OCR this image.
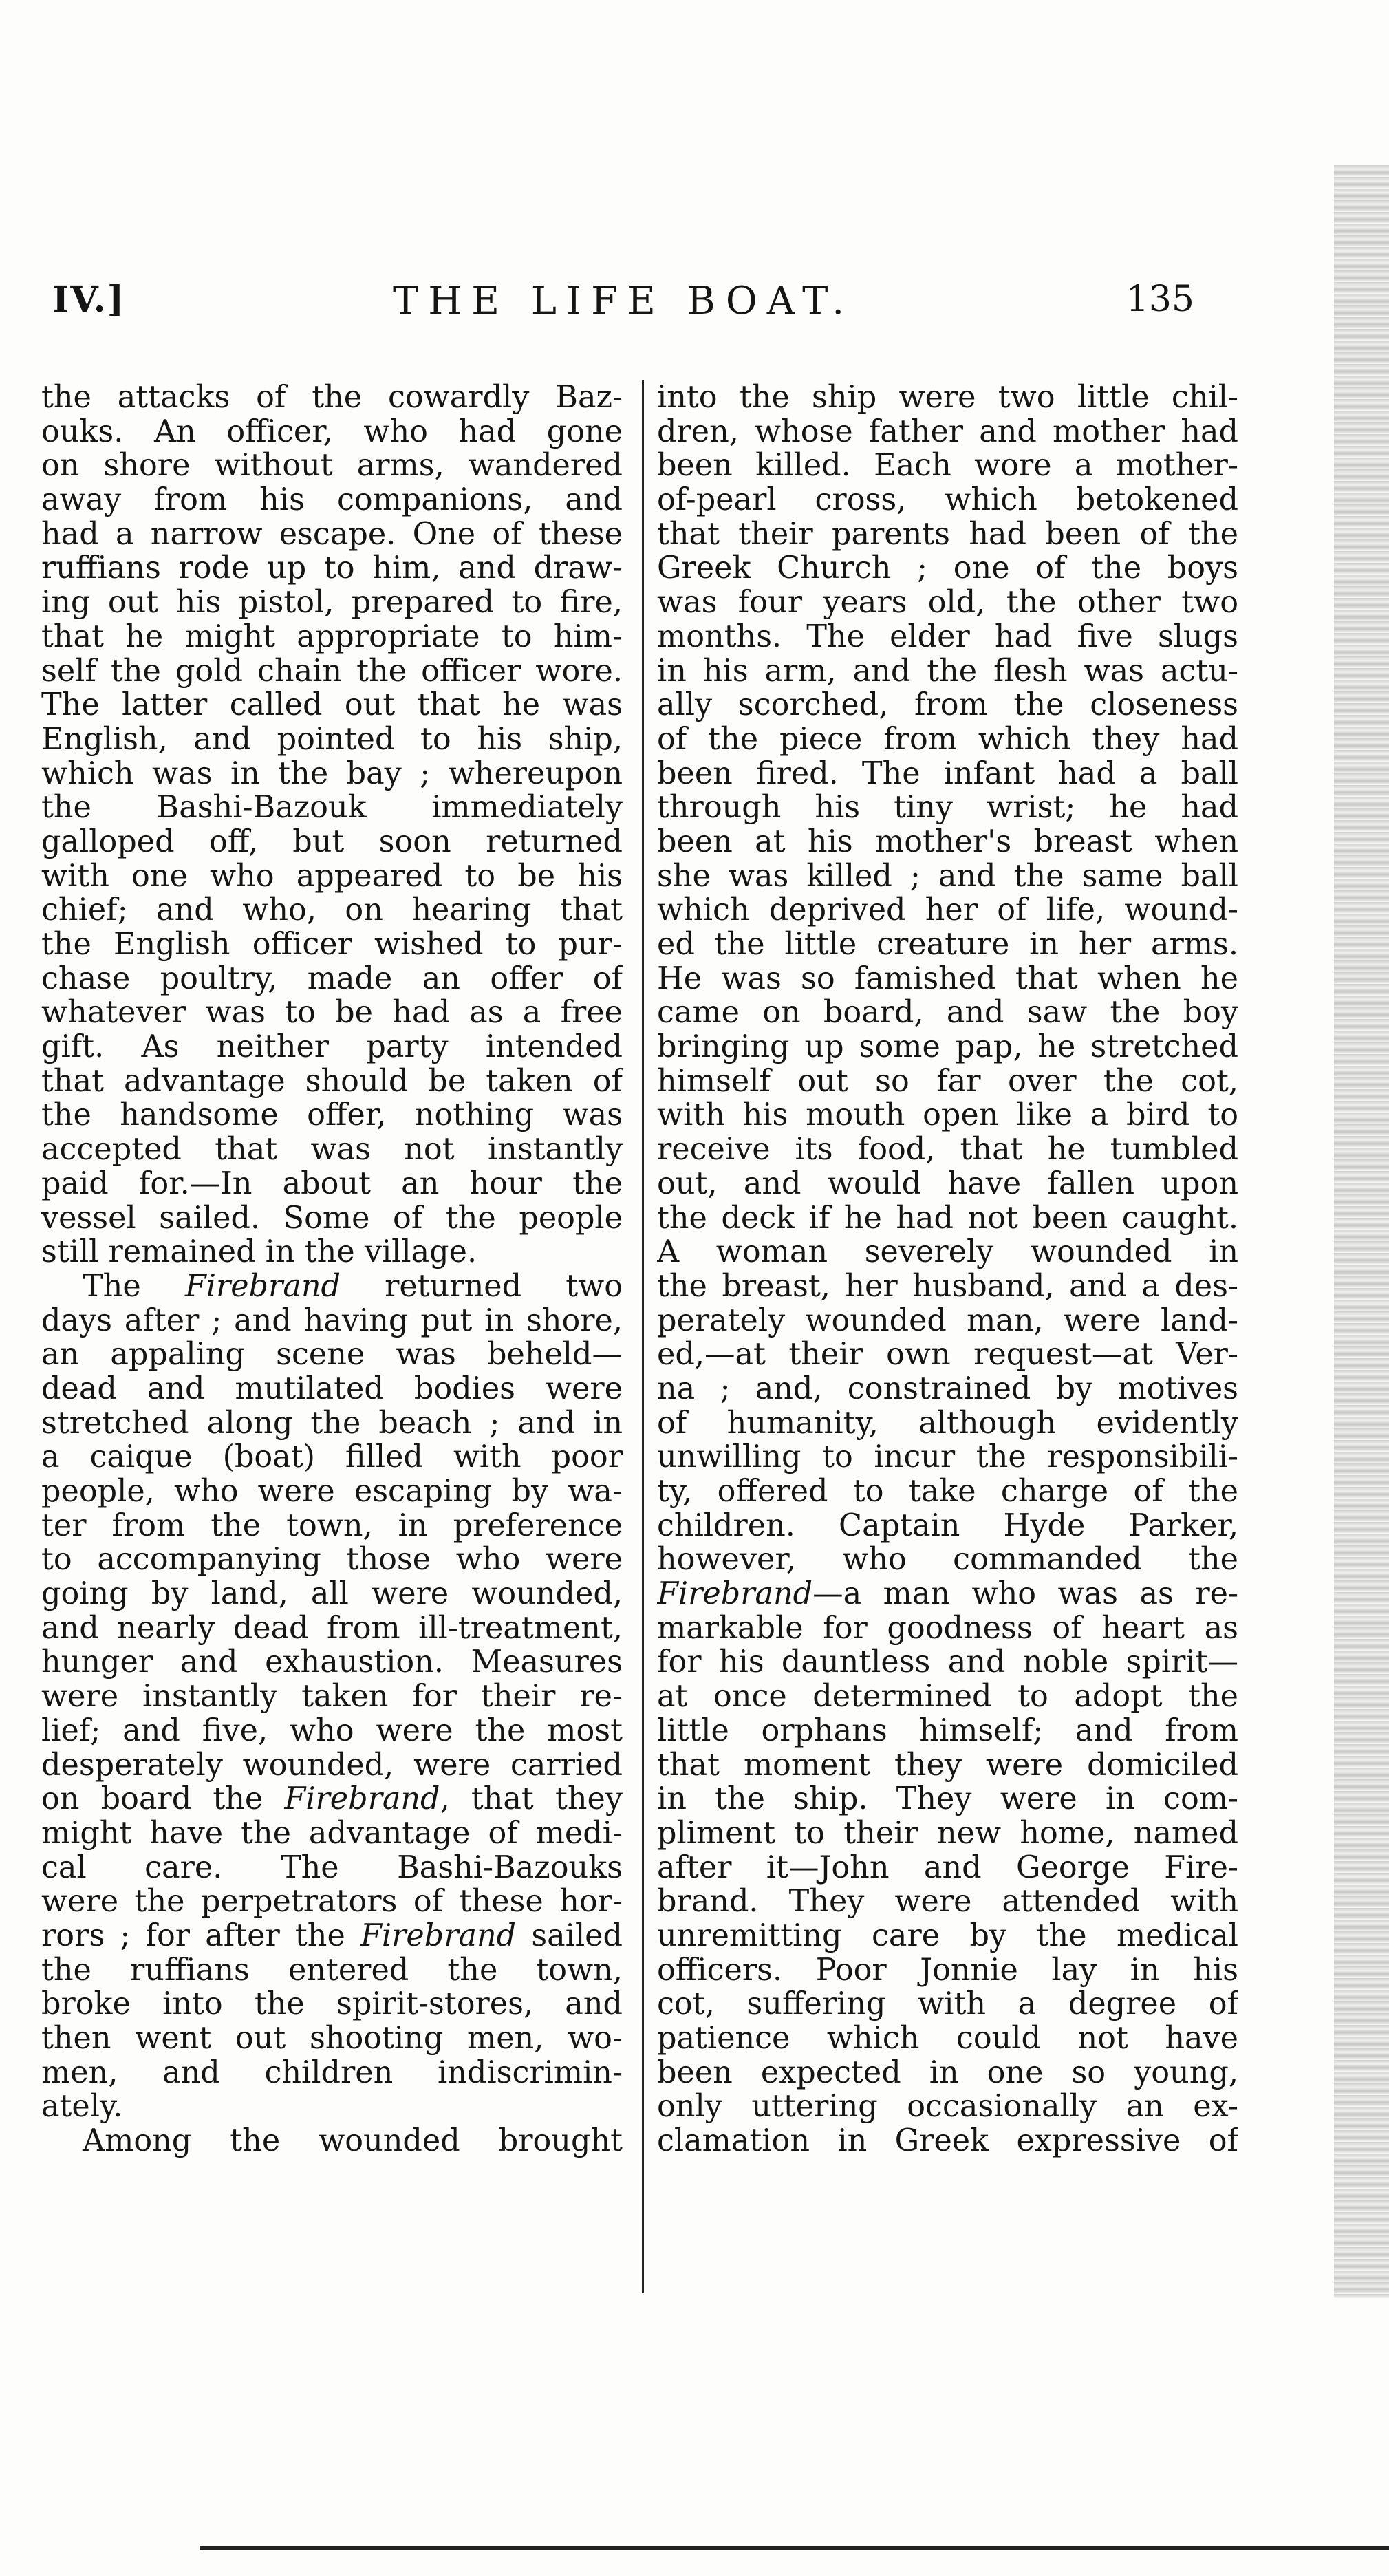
IV.]	THE LIFE BOAT.	135
the attacks of the cowardly Baz-
ouks. An officer, who had gone
on shore without arms, wandered
away from his companions, and
had a narrow escape. One of these
ruffians rode up to him, and draw-
ing out his pistol, prepared to fire,
that he might appropriate to him-
self the gold chain the officer wore.
The latter called out that he was
English, and pointed to his ship,
which was in the bay ; whereupon
the Bashi-Bazouk immediately
galloped off, but soon returned
with one who appeared to be his
chief; and who, on hearing that
the English officer wished to pur-
chase poultry, made an offer of
whatever was to be had as a free
gift. As neither party intended
that advantage should be taken of
the handsome offer, nothing was
accepted that was not instantly
paid for.—In about an hour the
vessel sailed. Some of the people
still remained in the village.
The Firebrand returned two
days after ; and having put in shore,
an appaling scene was beheld—
dead and mutilated bodies were
stretched along the beach ; and in
a caique (boat) filled with poor
people, who were escaping by wa-
ter from the town, in preference
to accompanying those who were
going by land, all were wounded,
and nearly dead from ill-treatment,
hunger and exhaustion. Measures
were instantly taken for their re-
lief; and five, who were the most
desperately wounded, were carried
on board the Firebrand, that they
might have the advantage of medi-
cal care. The Bashi-Bazouks
were the perpetrators of these hor-
rors ; for after the Firebrand sailed
the ruffians entered the town,
broke into the spirit-stores, and
then went out shooting men, wo-
men, and children indiscrimin-
ately.
Among the wounded brought
into the ship were two little chil-
dren, whose father and mother had
been killed. Each wore a mother-
of-pearl cross, which betokened
that their parents had been of the
Greek Church ; one of the boys
was four years old, the other two
months. The elder had five slugs
in his arm, and the flesh was actu-
ally scorched, from the closeness
of the piece from which they had
been fired. The infant had a ball
through his tiny wrist; he had
been at his mother's breast when
she was killed ; and the same ball
which deprived her of life, wound-
ed the little creature in her arms.
He was so famished that when he
came on board, and saw the boy
bringing up some pap, he stretched
himself out so far over the cot,
with his mouth open like a bird to
receive its food, that he tumbled
out, and would have fallen upon
the deck if he had not been caught.
A woman severely wounded in
the breast, her husband, and a des-
perately wounded man, were land-
ed,—at their own request—at Ver-
na ; and, constrained by motives
of humanity, although evidently
unwilling to incur the responsibili-
ty, offered to take charge of the
children. Captain Hyde Parker,
however, who commanded the
Firebrand—a man who was as re-
markable for goodness of heart as
for his dauntless and noble spirit—
at once determined to adopt the
little orphans himself; and from
that moment they were domiciled
in the ship. They were in com-
pliment to their new home, named
after it—John and George Fire-
brand. They were attended with
unremitting care by the medical
officers. Poor Jonnie lay in his
cot, suffering with a degree of
patience which could not have
been expected in one so young,
only uttering occasionally an ex-
clamation in Greek expressive of
